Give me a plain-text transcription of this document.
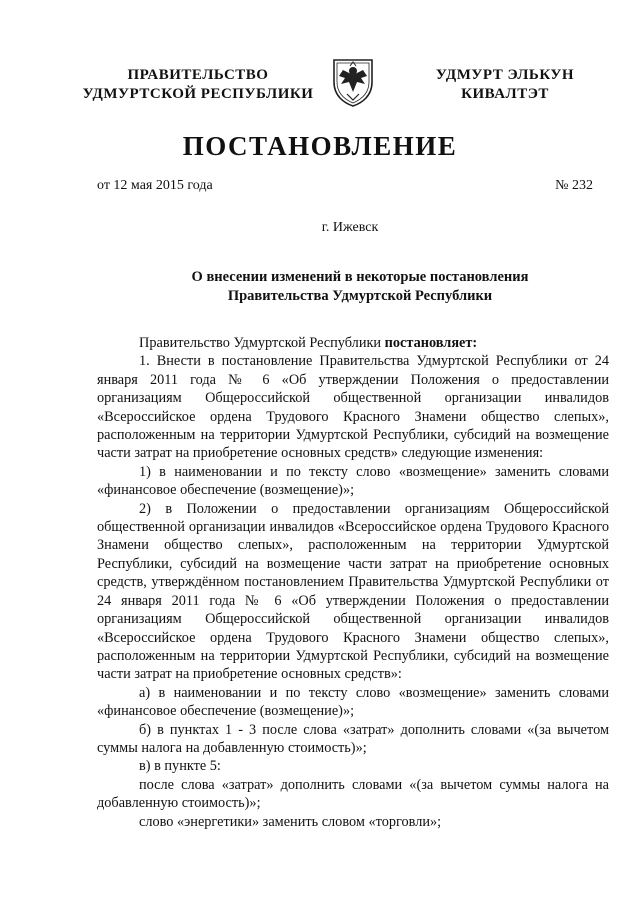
ПРАВИТЕЛЬСТВО
УДМУРТСКОЙ РЕСПУБЛИКИ
УДМУРТ ЭЛЬКУН
КИВАЛТЭТ
ПОСТАНОВЛЕНИЕ
от 12 мая 2015 года	№ 232
г. Ижевск
О внесении изменений в некоторые постановления
Правительства Удмуртской Республики

Правительство Удмуртской Республики постановляет:

1. Внести в постановление Правительства Удмуртской Республики от 24 января 2011 года № 6 «Об утверждении Положения о предоставлении организациям Общероссийской общественной организации инвалидов «Всероссийское ордена Трудового Красного Знамени общество слепых», расположенным на территории Удмуртской Республики, субсидий на возмещение части затрат на приобретение основных средств» следующие изменения:

1) в наименовании и по тексту слово «возмещение» заменить словами «финансовое обеспечение (возмещение)»;

2) в Положении о предоставлении организациям Общероссийской общественной организации инвалидов «Всероссийское ордена Трудового Красного Знамени общество слепых», расположенным на территории Удмуртской Республики, субсидий на возмещение части затрат на приобретение основных средств, утверждённом постановлением Правительства Удмуртской Республики от 24 января 2011 года № 6 «Об утверждении Положения о предоставлении организациям Общероссийской общественной организации инвалидов «Всероссийское ордена Трудового Красного Знамени общество слепых», расположенным на территории Удмуртской Республики, субсидий на возмещение части затрат на приобретение основных средств»:

а) в наименовании и по тексту слово «возмещение» заменить словами «финансовое обеспечение (возмещение)»;

б) в пунктах 1 - 3 после слова «затрат» дополнить словами «(за вычетом суммы налога на добавленную стоимость)»;

в) в пункте 5:

после слова «затрат» дополнить словами «(за вычетом суммы налога на добавленную стоимость)»;

слово «энергетики» заменить словом «торговли»;
